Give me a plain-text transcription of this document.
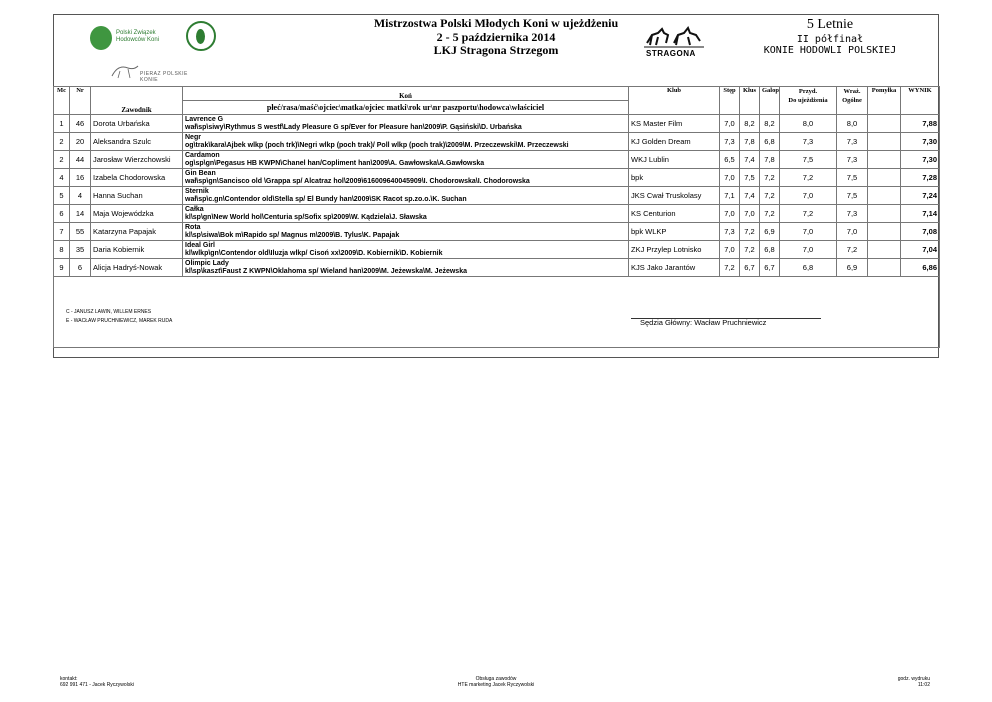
Polski Związek
Hodowców Koni
PIERAZ POLSKIE KONIE
Mistrzostwa Polski Młodych Koni w ujeżdżeniu
2 - 5 października 2014
LKJ Stragona Strzegom	STRAGONA
5 Letnie
II półfinał
KONIE HODOWLI POLSKIEJ
Mc	Nr	Zawodnik	Koń	Klub	Stęp	Kłus	Galop	Przyd.
Do ujeżdżenia	Wraż.
Ogólne	Pomyłka	WYNIK
			płeć/rasa/maść\ojciec\matka/ojciec matki\rok ur\nr paszportu\hodowca\właściciel								
1	46	Dorota Urbańska	Lavrence G
wał\sp\siwy\Rythmus S westf\Lady Pleasure G sp/Ever for Pleasure han\2009\P. Gąsiński\D. Urbańska	KS Master Film	7,0	8,2	8,2	8,0	8,0		7,88
2	20	Aleksandra Szulc	Negr
og\trak\kara\Ajbek wlkp (poch trk)\Negri wlkp (poch trak)/ Poll wlkp (poch trak)\2009\M. Przeczewski\M. Przeczewski	KJ Golden Dream	7,3	7,8	6,8	7,3	7,3		7,30
2	44	Jarosław Wierzchowski	Cardamon
og\sp\gn\Pegasus HB KWPN\Chanel han/Copliment han\2009\A. Gawłowska\A.Gawłowska	WKJ Lublin	6,5	7,4	7,8	7,5	7,3		7,30
4	16	Izabela Chodorowska	Gin Bean
wał\sp\gn\Sancisco old \Grappa sp/ Alcatraz hol\2009\616009640045909\I. Chodorowska\I. Chodorowska	bpk	7,0	7,5	7,2	7,2	7,5		7,28
5	4	Hanna Suchan	Sternik
wał\sp\c.gn\Contendor old\Stella sp/ El Bundy han\2009\SK Racot sp.zo.o.\K. Suchan	JKS Cwał Truskolasy	7,1	7,4	7,2	7,0	7,5		7,24
6	14	Maja Wojewódzka	Całka
kl\sp\gn\New World hol\Centuria sp/Sofix sp\2009\W. Kądziela\J. Sławska	KS Centurion	7,0	7,0	7,2	7,2	7,3		7,14
7	55	Katarzyna Papajak	Rota
kl\sp\siwa\Bok m\Rapido sp/ Magnus m\2009\B. Tylus\K. Papajak	bpk WLKP	7,3	7,2	6,9	7,0	7,0		7,08
8	35	Daria Kobiernik	Ideal Girl
kl\wlkp\gn\Contendor old\Iluzja wlkp/ Cisoń xx\2009\D. Kobiernik\D. Kobiernik	ZKJ Przylep Lotnisko	7,0	7,2	6,8	7,0	7,2		7,04
9	6	Alicja Hadryś-Nowak	Olimpic Lady
kl\sp\kaszt\Faust Z KWPN\Oklahoma sp/ Wieland han\2009\M. Jeżewska\M. Jeżewska	KJS Jako Jarantów	7,2	6,7	6,7	6,8	6,9		6,86

C - JANUSZ LAWIN, WILLEM ERNES
E - WACŁAW PRUCHNIEWICZ, MAREK RUDA	Sędzia Główny: Wacław Pruchniewicz
kontakt:
692 991 471 - Jacek Ryczywolski
Obsługa zawodów
HTE marketing Jacek Ryczywolski
godz. wydruku
11:02
